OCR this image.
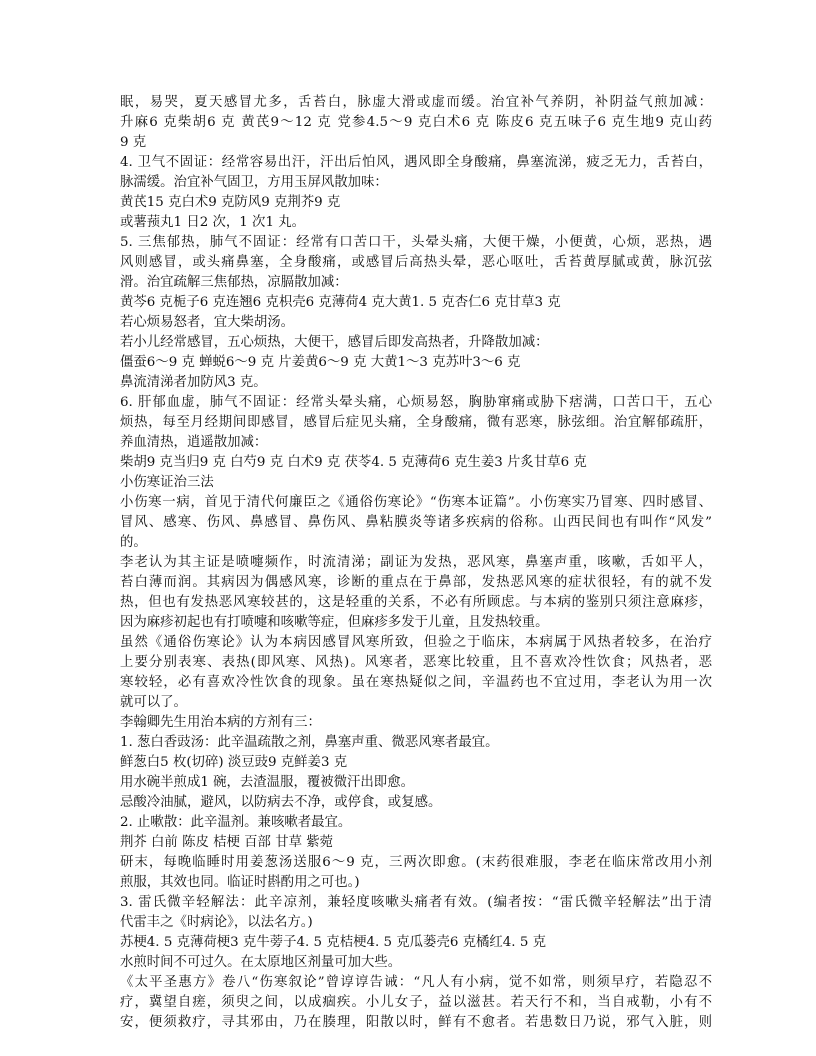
眠，易哭，夏天感冒尤多，舌苔白，脉虚大滑或虚而缓。治宜补气养阴，补阴益气煎加减：
升麻6 克柴胡6 克 黄芪9～12 克 党参4.5～9 克白术6 克 陈皮6 克五味子6 克生地9 克山药
9 克
4. 卫气不固证：经常容易出汗，汗出后怕风，遇风即全身酸痛，鼻塞流涕，疲乏无力，舌苔白，
脉濡缓。治宜补气固卫，方用玉屏风散加味：
黄芪15 克白术9 克防风9 克荆芥9 克
或薯蓣丸1 日2 次，1 次1 丸。
5. 三焦郁热，肺气不固证：经常有口苦口干，头晕头痛，大便干燥，小便黄，心烦，恶热，遇
风则感冒，或头痛鼻塞，全身酸痛，或感冒后高热头晕，恶心呕吐，舌苔黄厚腻或黄，脉沉弦
滑。治宜疏解三焦郁热，凉膈散加减：
黄芩6 克栀子6 克连翘6 克枳壳6 克薄荷4 克大黄1. 5 克杏仁6 克甘草3 克
若心烦易怒者，宜大柴胡汤。
若小儿经常感冒，五心烦热，大便干，感冒后即发高热者，升降散加减：
僵蚕6～9 克 蝉蜕6～9 克 片姜黄6～9 克 大黄1～3 克苏叶3～6 克
鼻流清涕者加防风3 克。
6. 肝郁血虚，肺气不固证：经常头晕头痛，心烦易怒，胸胁窜痛或胁下痞满，口苦口干，五心
烦热，每至月经期间即感冒，感冒后症见头痛，全身酸痛，微有恶寒，脉弦细。治宜解郁疏肝，
养血清热，逍遥散加减：
柴胡9 克当归9 克 白芍9 克 白术9 克 茯苓4. 5 克薄荷6 克生姜3 片炙甘草6 克
小伤寒证治三法
小伤寒一病，首见于清代何廉臣之《通俗伤寒论》“伤寒本证篇”。小伤寒实乃冒寒、四时感冒、
冒风、感寒、伤风、鼻感冒、鼻伤风、鼻粘膜炎等诸多疾病的俗称。山西民间也有叫作“风发”
的。
李老认为其主证是喷嚏频作，时流清涕；副证为发热，恶风寒，鼻塞声重，咳嗽，舌如平人，
苔白薄而润。其病因为偶感风寒，诊断的重点在于鼻部，发热恶风寒的症状很轻，有的就不发
热，但也有发热恶风寒较甚的，这是轻重的关系，不必有所顾虑。与本病的鉴别只须注意麻疹，
因为麻疹初起也有打喷嚏和咳嗽等症，但麻疹多发于儿童，且发热较重。
虽然《通俗伤寒论》认为本病因感冒风寒所致，但验之于临床，本病属于风热者较多，在治疗
上要分别表寒、表热(即风寒、风热)。风寒者，恶寒比较重，且不喜欢冷性饮食；风热者，恶
寒较轻，必有喜欢冷性饮食的现象。虽在寒热疑似之间，辛温药也不宜过用，李老认为用一次
就可以了。
李翰卿先生用治本病的方剂有三：
1. 葱白香豉汤：此辛温疏散之剂，鼻塞声重、微恶风寒者最宜。
鲜葱白5 枚(切碎) 淡豆豉9 克鲜姜3 克
用水碗半煎成1 碗，去渣温服，覆被微汗出即愈。
忌酸冷油腻，避风，以防病去不净，或停食，或复感。
2. 止嗽散：此辛温剂。兼咳嗽者最宜。
荆芥 白前 陈皮 桔梗 百部 甘草 紫菀
研末，每晚临睡时用姜葱汤送服6～9 克，三两次即愈。(末药很难服，李老在临床常改用小剂
煎服，其效也同。临证时斟酌用之可也。)
3. 雷氏微辛轻解法：此辛凉剂，兼轻度咳嗽头痛者有效。(编者按：“雷氏微辛轻解法”出于清
代雷丰之《时病论》，以法名方。)
苏梗4. 5 克薄荷梗3 克牛蒡子4. 5 克桔梗4. 5 克瓜蒌壳6 克橘红4. 5 克
水煎时间不可过久。在太原地区剂量可加大些。
《太平圣惠方》卷八“伤寒叙论”曾谆谆告诫：“凡人有小病，觉不如常，则须早疗，若隐忍不
疗，冀望自瘥，须臾之间，以成痼疾。小儿女子，益以滋甚。若天行不和，当自戒勒，小有不
安，便须救疗，寻其邪由，乃在腠理，阳散以时，鲜有不愈者。若患数日乃说，邪气入脏，则
